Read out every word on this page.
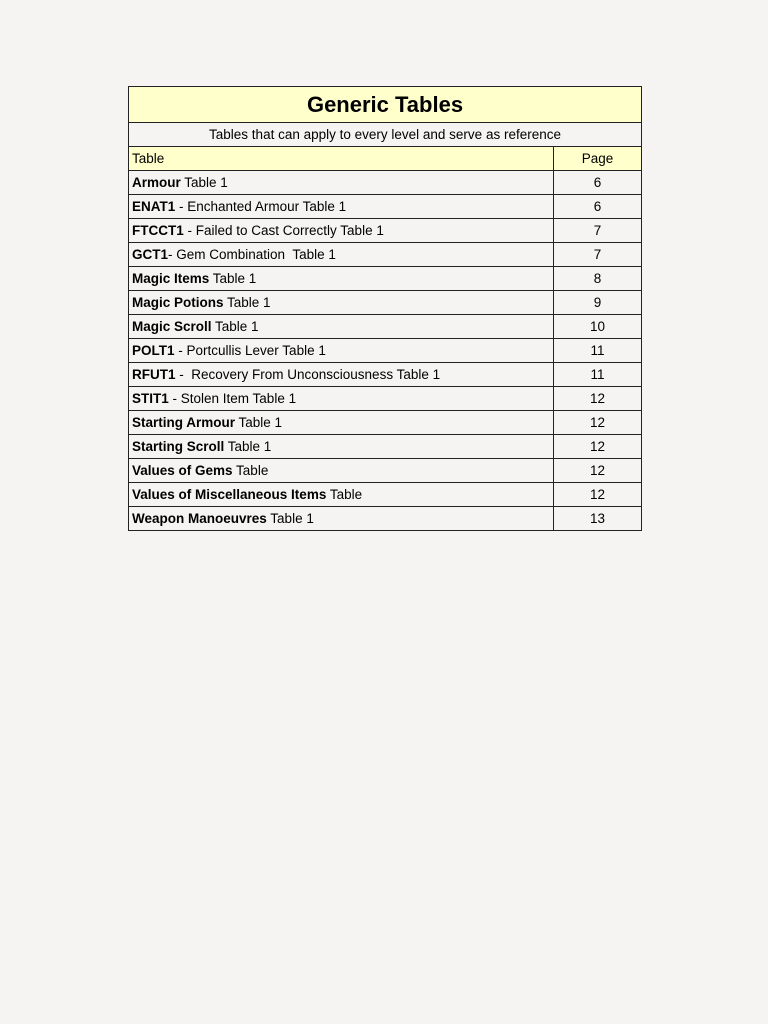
Generic Tables	
Tables that can apply to every level and serve as reference	
Table	Page
Armour Table 1	6
ENAT1 - Enchanted Armour Table 1	6
FTCCT1 - Failed to Cast Correctly Table 1	7
GCT1- Gem Combination  Table 1	7
Magic Items Table 1	8
Magic Potions Table 1	9
Magic Scroll Table 1	10
POLT1 - Portcullis Lever Table 1	11
RFUT1 -  Recovery From Unconsciousness Table 1	11
STIT1 - Stolen Item Table 1	12
Starting Armour Table 1	12
Starting Scroll Table 1	12
Values of Gems Table	12
Values of Miscellaneous Items Table	12
Weapon Manoeuvres Table 1	13
